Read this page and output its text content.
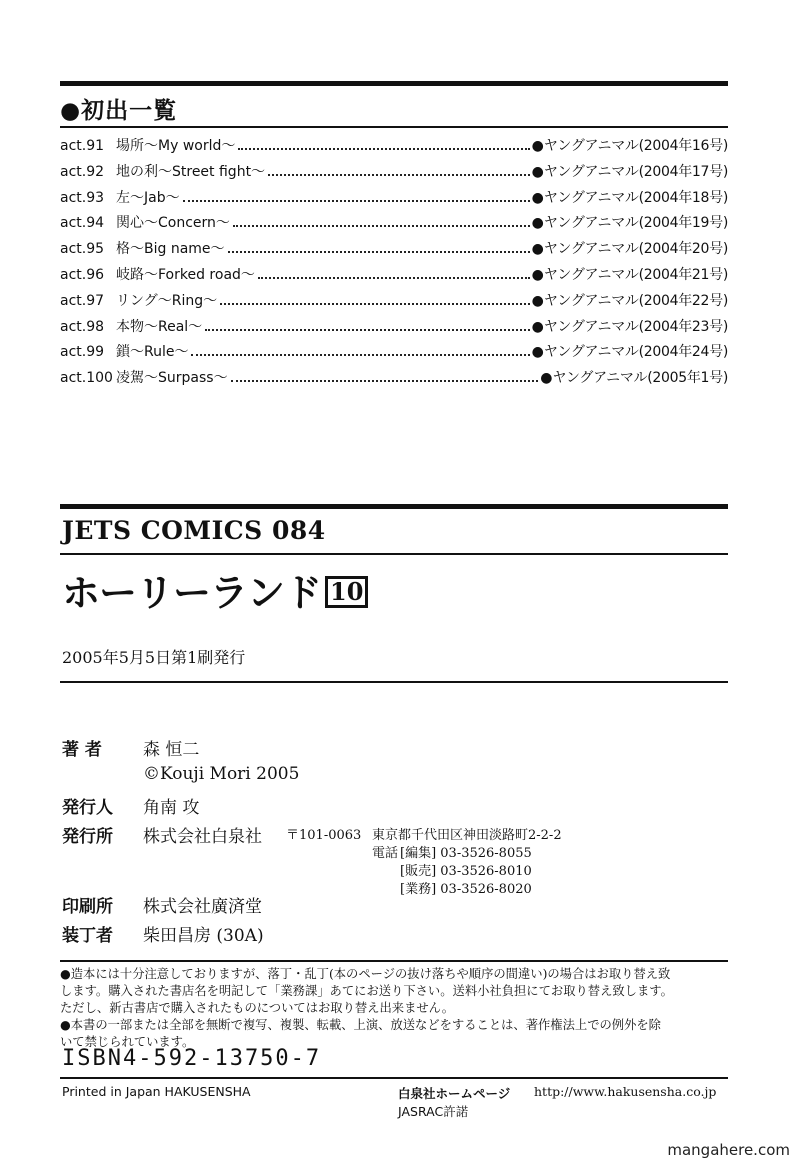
●初出一覧
act.91 場所〜My world〜	● ヤングアニマル(2004年16号)
act.92 地の利〜Street fight〜	● ヤングアニマル(2004年17号)
act.93 左〜Jab〜	● ヤングアニマル(2004年18号)
act.94 関心〜Concern〜	● ヤングアニマル(2004年19号)
act.95 格〜Big name〜	● ヤングアニマル(2004年20号)
act.96 岐路〜Forked road〜	● ヤングアニマル(2004年21号)
act.97 リング〜Ring〜	● ヤングアニマル(2004年22号)
act.98 本物〜Real〜	● ヤングアニマル(2004年23号)
act.99 鎖〜Rule〜	● ヤングアニマル(2004年24号)
act.100 凌駕〜Surpass〜	● ヤングアニマル(2005年1号)
JETS COMICS 084
ホーリーランド 10
2005年5月5日第1刷発行
著 者	森 恒二
©Kouji Mori 2005
発行人	角南 攻
発行所	株式会社白泉社 〒101-0063 東京都千代田区神田淡路町2-2-2
電話 [編集] 03-3526-8055
[販売] 03-3526-8010
[業務] 03-3526-8020
印刷所	株式会社廣済堂
装丁者	柴田昌房 (30A)
●造本には十分注意しておりますが、落丁・乱丁(本のページの抜け落ちや順序の間違い)の場合はお取り替え致
します。購入された書店名を明記して「業務課」あてにお送り下さい。送料小社負担にてお取り替え致します。
ただし、新古書店で購入されたものについてはお取り替え出来ません。
●本書の一部または全部を無断で複写、複製、転載、上演、放送などをすることは、著作権法上での例外を除
いて禁じられています。
ISBN4-592-13750-7
Printed in Japan HAKUSENSHA	白泉社ホームページ http://www.hakusensha.co.jp
JASRAC許諾
mangahere.com
